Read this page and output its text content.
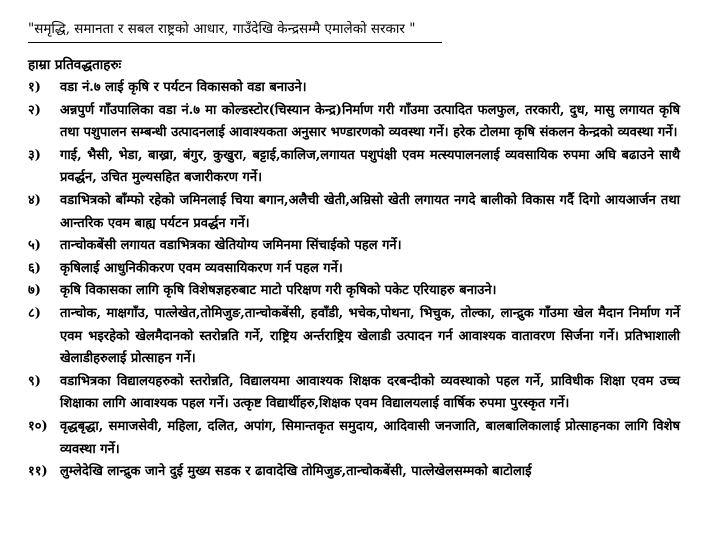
"समृद्धि, समानता र सबल राष्ट्रको आधार, गाउँदेखि केन्द्रसम्मै एमालेको सरकार "
हाम्रा प्रतिवद्धताहरुः
१)	वडा नं.७ लाई कृषि र पर्यटन विकासको वडा बनाउने।
२)	अन्नपुर्ण गाँउपालिका वडा नं.७ मा कोल्डस्टोर(चिस्यान केन्द्र)निर्माण गरी गाँउमा उत्पादित फलफुल, तरकारी, दुध, मासु लगायत कृषि तथा पशुपालन सम्बन्धी उत्पादनलाई आवाश्यकता अनुसार भण्डारणको व्यवस्था गर्ने। हरेक टोलमा कृषि संकलन केन्द्रको व्यवस्था गर्ने।
३)	गाई, भैसी, भेडा, बाख्रा, बंगुर, कुखुरा, बट्टाई,कालिज,लगायत पशुपंक्षी एवम मत्स्यपालनलाई व्यवसायिक रुपमा अघि बढाउने साथै प्रवर्द्धन, उचित मुल्यसहित बजारीकरण गर्ने।
४)	वडाभित्रको बाँम्फो रहेको जमिनलाई चिया बगान,अलैची खेती,अम्रिसो खेती लगायत नगदे बालीको विकास गर्दै दिगो आयआर्जन तथा आन्तरिक एवम बाह्य पर्यटन प्रवर्द्धन गर्ने।
५)	तान्चोकबेंसी लगायत वडाभित्रका खेतियोग्य जमिनमा सिंचाईको पहल गर्ने।
६)	कृषिलाई आधुनिकीकरण एवम व्यवसायिकरण गर्न पहल गर्ने।
७)	कृषि विकासका लागि कृषि विशेषज्ञहरुबाट माटो परिक्षण गरी कृषिको पकेट एरियाहरु बनाउने।
८)	तान्चोक, माक्षगाँउ, पात्लेखेत,तोमिजुङ,तान्चोकबेंसी, हवाँडी, भचेक,पोथना, भिचुक, तोल्का, लान्द्रुक गाँउमा खेल मैदान निर्माण गर्ने एवम भइरहेको खेलमैदानको स्तरोन्नति गर्ने, राष्ट्रिय अर्न्तराष्ट्रिय खेलाडी उत्पादन गर्न आवाश्यक वातावरण सिर्जना गर्ने। प्रतिभाशाली खेलाडीहरुलाई प्रोत्साहन गर्ने।
९)	वडाभित्रका विद्यालयहरुको स्तरोन्नति, विद्यालयमा आवाश्यक शिक्षक दरबन्दीको व्यवस्थाको पहल गर्ने, प्राविधीक शिक्षा एवम उच्च शिक्षाका लागि आवाश्यक पहल गर्ने। उत्कृष्ट विद्यार्थीहरु,शिक्षक एवम विद्यालयलाई वार्षिक रुपमा पुरस्कृत गर्ने।
१०) वृद्धबृद्धा, समाजसेवी, महिला, दलित, अपांग, सिमान्तकृत समुदाय, आदिवासी जनजाति, बालबालिकालाई प्रोत्साहनका लागि विशेष व्यवस्था गर्ने।
११) लुम्लेदेखि लान्द्रुक जाने दुई मुख्य सडक र ढावादेखि तोमिजुङ,तान्चोकबेंसी, पात्लेखेलसम्मको बाटोलाई
